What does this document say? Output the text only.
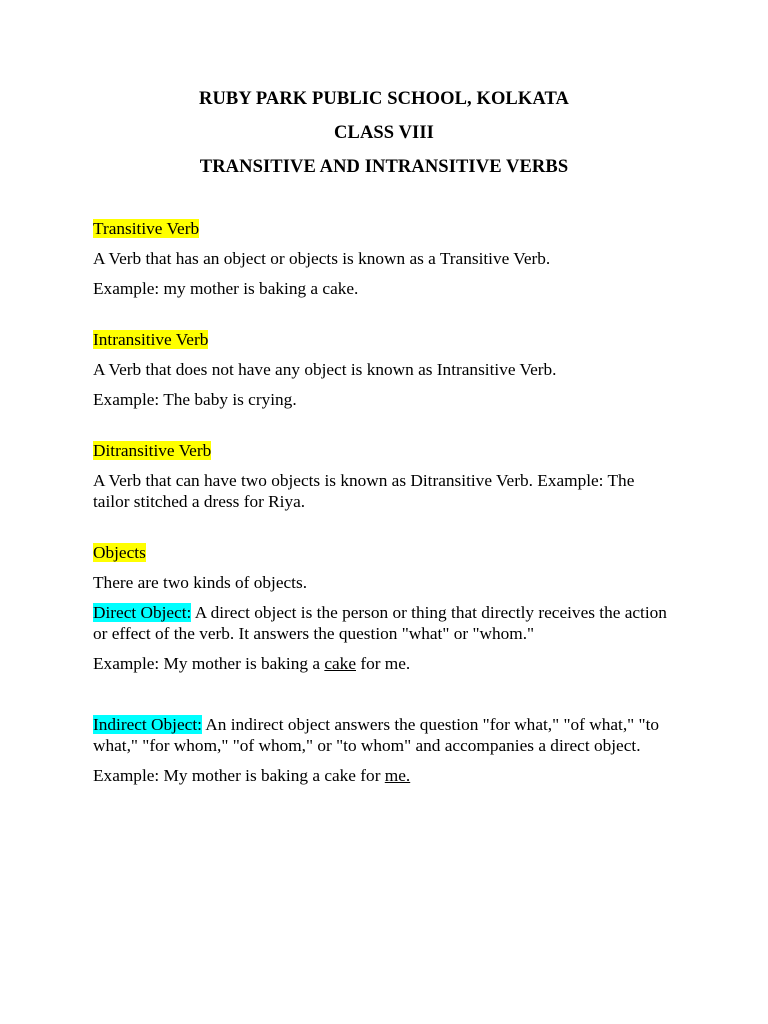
RUBY PARK PUBLIC SCHOOL, KOLKATA
CLASS VIII
TRANSITIVE AND INTRANSITIVE VERBS

Transitive Verb

A Verb that has an object or objects is known as a Transitive Verb.

Example: my mother is baking a cake.

Intransitive Verb

A Verb that does not have any object is known as Intransitive Verb.

Example: The baby is crying.

Ditransitive Verb

A Verb that can have two objects is known as Ditransitive Verb. Example: The tailor stitched a dress for Riya.

Objects

There are two kinds of objects.

Direct Object: A direct object is the person or thing that directly receives the action or effect of the verb. It answers the question "what" or "whom."

Example: My mother is baking a cake for me.

Indirect Object: An indirect object answers the question "for what," "of what," "to what," "for whom," "of whom," or "to whom" and accompanies a direct object.

Example: My mother is baking a cake for me.
